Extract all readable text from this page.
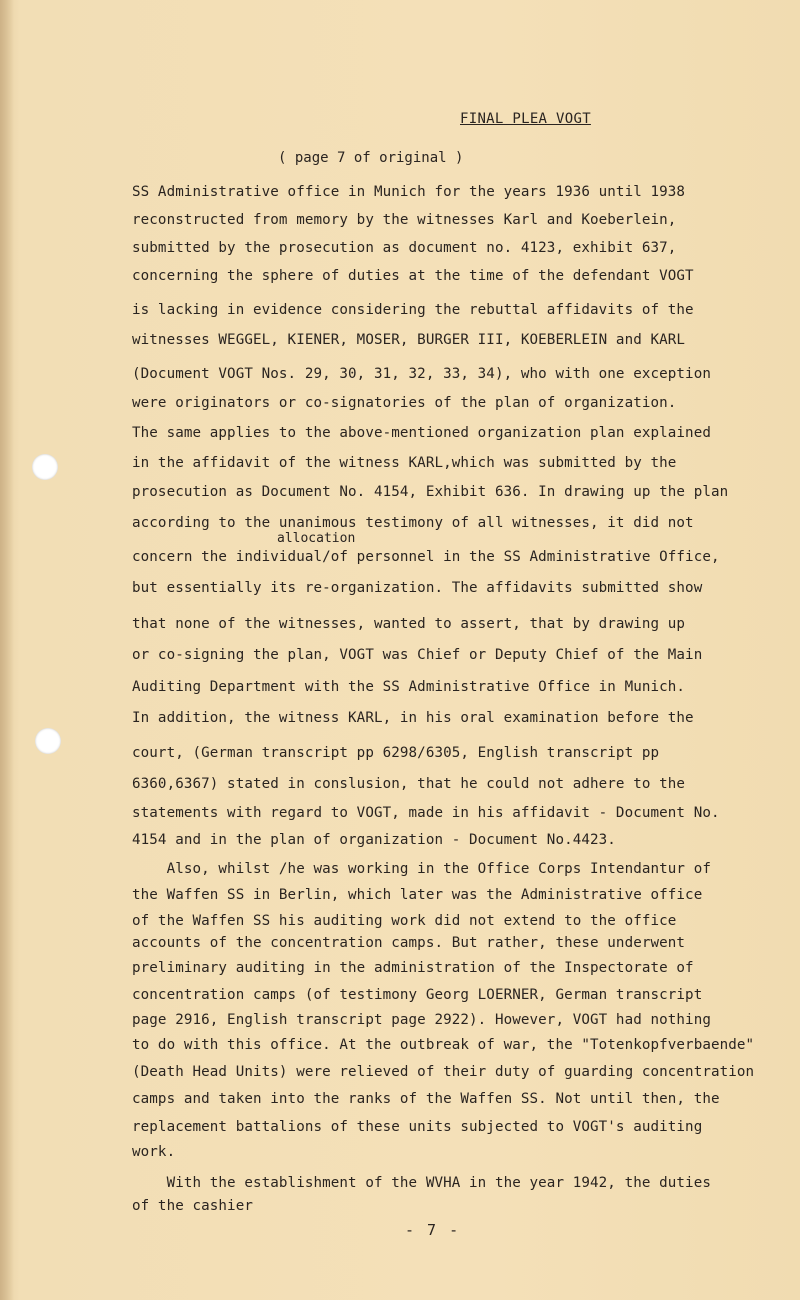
FINAL PLEA VOGT
( page 7 of original )
SS Administrative office in Munich for the years 1936 until 1938
reconstructed from memory by the witnesses Karl and Koeberlein,
submitted by the prosecution as document no. 4123, exhibit 637,
concerning the sphere of duties at the time of the defendant VOGT
is lacking in evidence considering the rebuttal affidavits of the
witnesses WEGGEL, KIENER, MOSER, BURGER III, KOEBERLEIN and KARL
(Document VOGT Nos. 29, 30, 31, 32, 33, 34), who with one exception
were originators or co-signatories of the plan of organization.
The same applies to the above-mentioned organization plan explained
in the affidavit of the witness KARL,which was submitted by the
prosecution as Document No. 4154, Exhibit 636. In drawing up the plan
according to the unanimous testimony of all witnesses, it did not
allocation
concern the individual/of personnel in the SS Administrative Office,
but essentially its re-organization. The affidavits submitted show
that none of the witnesses, wanted to assert, that by drawing up
or co-signing the plan, VOGT was Chief or Deputy Chief of the Main
Auditing Department with the SS Administrative Office in Munich.
In addition, the witness KARL, in his oral examination before the
court, (German transcript pp 6298/6305, English transcript pp
6360,6367) stated in conslusion, that he could not adhere to the
statements with regard to VOGT, made in his affidavit - Document No.
4154 and in the plan of organization - Document No.4423.
Also, whilst /he was working in the Office Corps Intendantur of
the Waffen SS in Berlin, which later was the Administrative office
of the Waffen SS his auditing work did not extend to the office
accounts of the concentration camps. But rather, these underwent
preliminary auditing in the administration of the Inspectorate of
concentration camps (of testimony Georg LOERNER, German transcript
page 2916, English transcript page 2922). However, VOGT had nothing
to do with this office. At the outbreak of war, the "Totenkopfverbaende"
(Death Head Units) were relieved of their duty of guarding concentration
camps and taken into the ranks of the Waffen SS. Not until then, the
replacement battalions of these units subjected to VOGT's auditing
work.
With the establishment of the WVHA in the year 1942, the duties
of the cashier
- 7 -
